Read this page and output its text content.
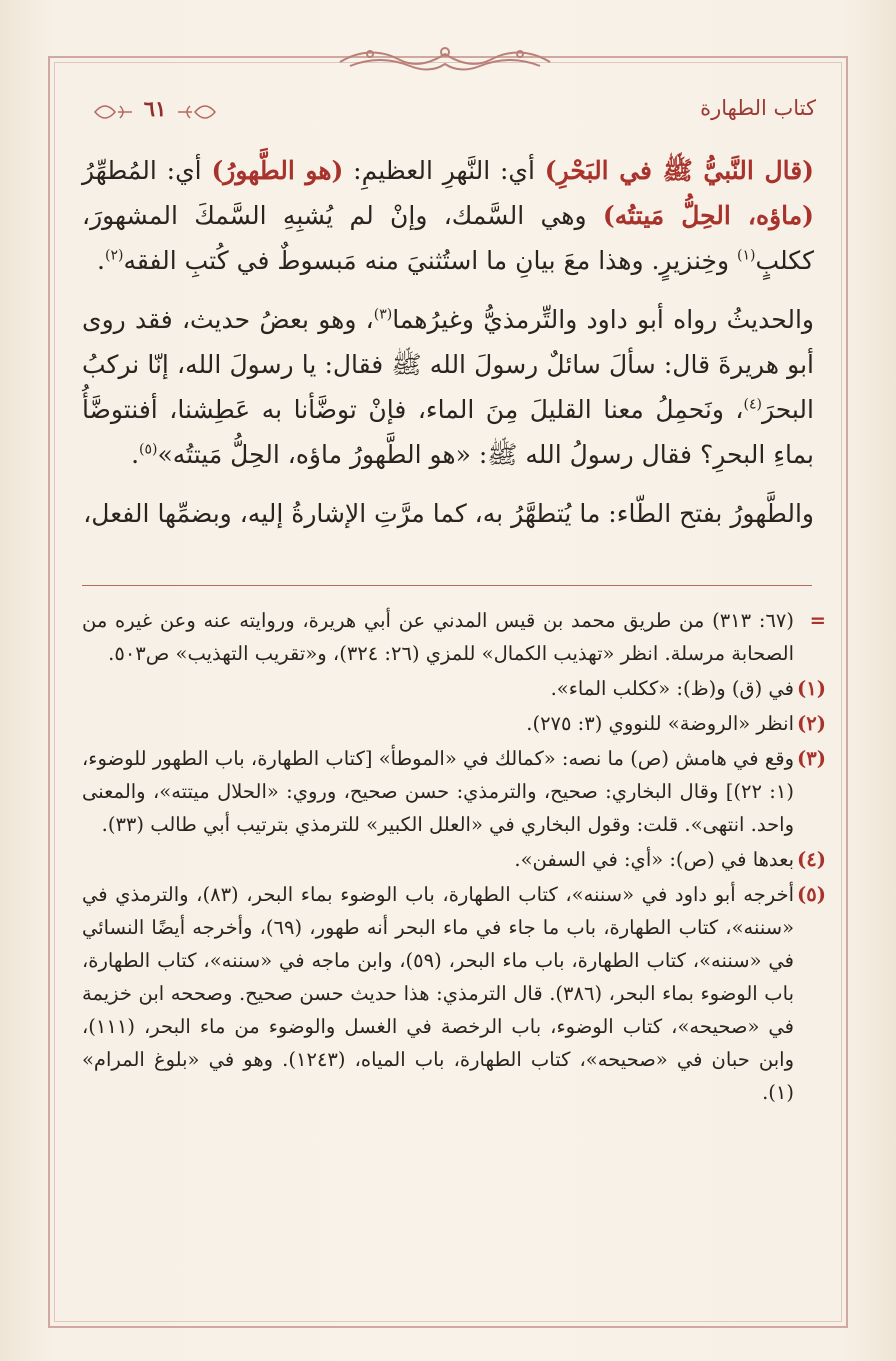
كتاب الطهارة
٦١

(قال النَّبيُّ ﷺ في البَحْرِ) أي: النَّهرِ العظيمِ: (هو الطَّهورُ) أي: المُطهِّرُ (ماؤه، الحِلُّ مَيتتُه) وهي السَّمك، وإنْ لم يُشبِهِ السَّمكَ المشهورَ، ككلبٍ$^{(١)}$ وخِنزيرٍ. وهذا معَ بيانِ ما استُثنيَ منه مَبسوطٌ في كُتبِ الفقه$^{(٢)}$.

والحديثُ رواه أبو داود والتِّرمذيُّ وغيرُهما$^{(٣)}$، وهو بعضُ حديث، فقد روى أبو هريرةَ قال: سألَ سائلٌ رسولَ الله ﷺ فقال: يا رسولَ الله، إنّا نركبُ البحرَ$^{(٤)}$، ونَحمِلُ معنا القليلَ مِنَ الماء، فإنْ توضَّأنا به عَطِشنا، أفنتوضَّأُ بماءِ البحرِ؟ فقال رسولُ الله ﷺ: «هو الطَّهورُ ماؤه، الحِلُّ مَيتتُه»$^{(٥)}$.

والطَّهورُ بفتح الطّاء: ما يُتطهَّرُ به، كما مرَّتِ الإشارةُ إليه، وبضمِّها الفعل،

=
(٦٧: ٣١٣) من طريق محمد بن قيس المدني عن أبي هريرة، وروايته عنه وعن غيره من الصحابة مرسلة. انظر «تهذيب الكمال» للمزي (٢٦: ٣٢٤)، و«تقريب التهذيب» ص٥٠٣.
(١)
في (ق) و(ظ): «ككلب الماء».
(٢)
انظر «الروضة» للنووي (٣: ٢٧٥).
(٣)
وقع في هامش (ص) ما نصه: «كمالك في «الموطأ» [كتاب الطهارة، باب الطهور للوضوء، (١: ٢٢)] وقال البخاري: صحيح، والترمذي: حسن صحيح، وروي: «الحلال ميتته»، والمعنى واحد. انتهى». قلت: وقول البخاري في «العلل الكبير» للترمذي بترتيب أبي طالب (٣٣).
(٤)
بعدها في (ص): «أي: في السفن».
(٥)
أخرجه أبو داود في «سننه»، كتاب الطهارة، باب الوضوء بماء البحر، (٨٣)، والترمذي في «سننه»، كتاب الطهارة، باب ما جاء في ماء البحر أنه طهور، (٦٩)، وأخرجه أيضًا النسائي في «سننه»، كتاب الطهارة، باب ماء البحر، (٥٩)، وابن ماجه في «سننه»، كتاب الطهارة، باب الوضوء بماء البحر، (٣٨٦). قال الترمذي: هذا حديث حسن صحيح. وصححه ابن خزيمة في «صحيحه»، كتاب الوضوء، باب الرخصة في الغسل والوضوء من ماء البحر، (١١١)، وابن حبان في «صحيحه»، كتاب الطهارة، باب المياه، (١٢٤٣). وهو في «بلوغ المرام» (١).
